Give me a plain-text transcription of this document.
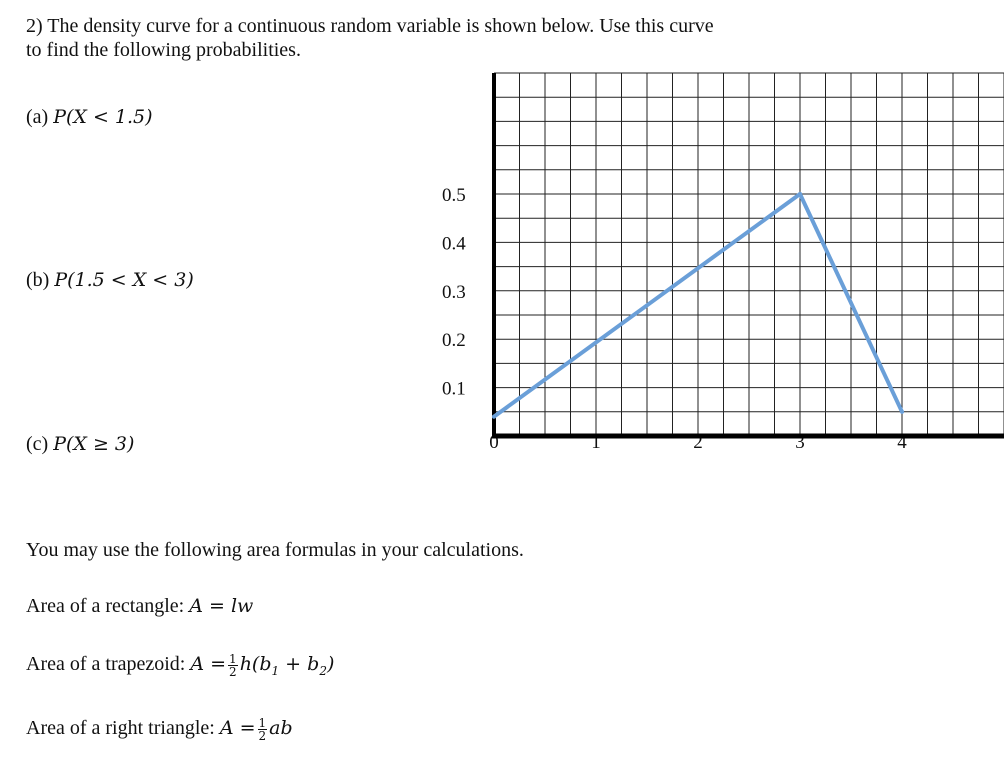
2) The density curve for a continuous random variable is shown below. Use this curve
to find the following probabilities.
(a) P(X < 1.5)
(b) P(1.5 < X < 3)
(c) P(X ≥ 3)
0.1
0.2
0.3
0.4
0.5
0	1	2	3	4
You may use the following area formulas in your calculations.
Area of a rectangle: A = lw
Area of a trapezoid: $A = \frac{1}{2} h(b_1 + b_2)$
Area of a right triangle: $A = \frac{1}{2}$ ab
